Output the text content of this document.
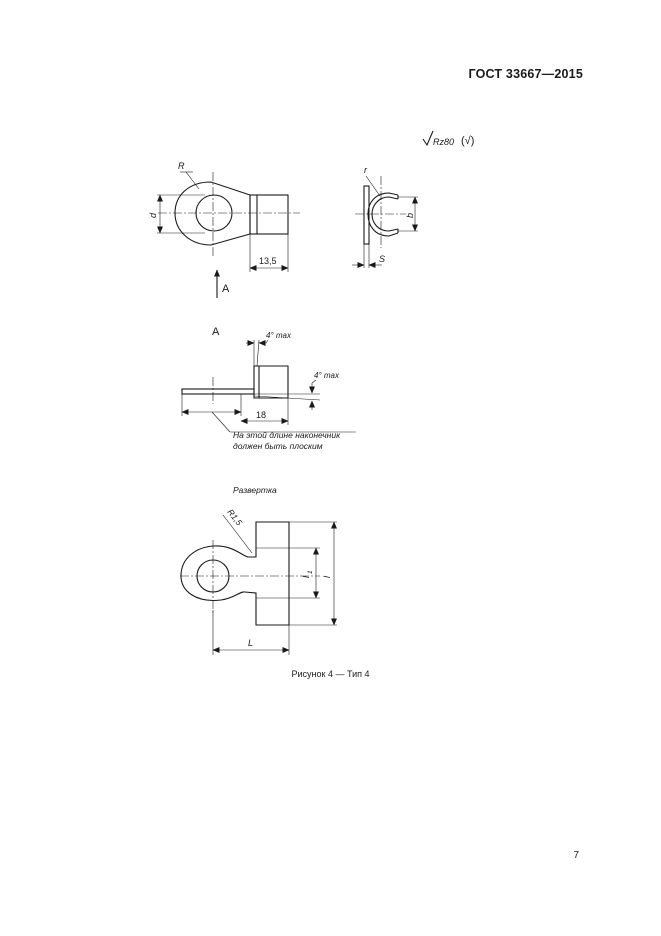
ГОСТ 33667—2015
Rz80 (√)
R
d
13,5
A
r
b
S
A	4° max
4° max
18
На этой длине наконечник
должен быть плоским
Развертка
R1,5
l
1
l
L
Рисунок 4 — Тип 4
7
